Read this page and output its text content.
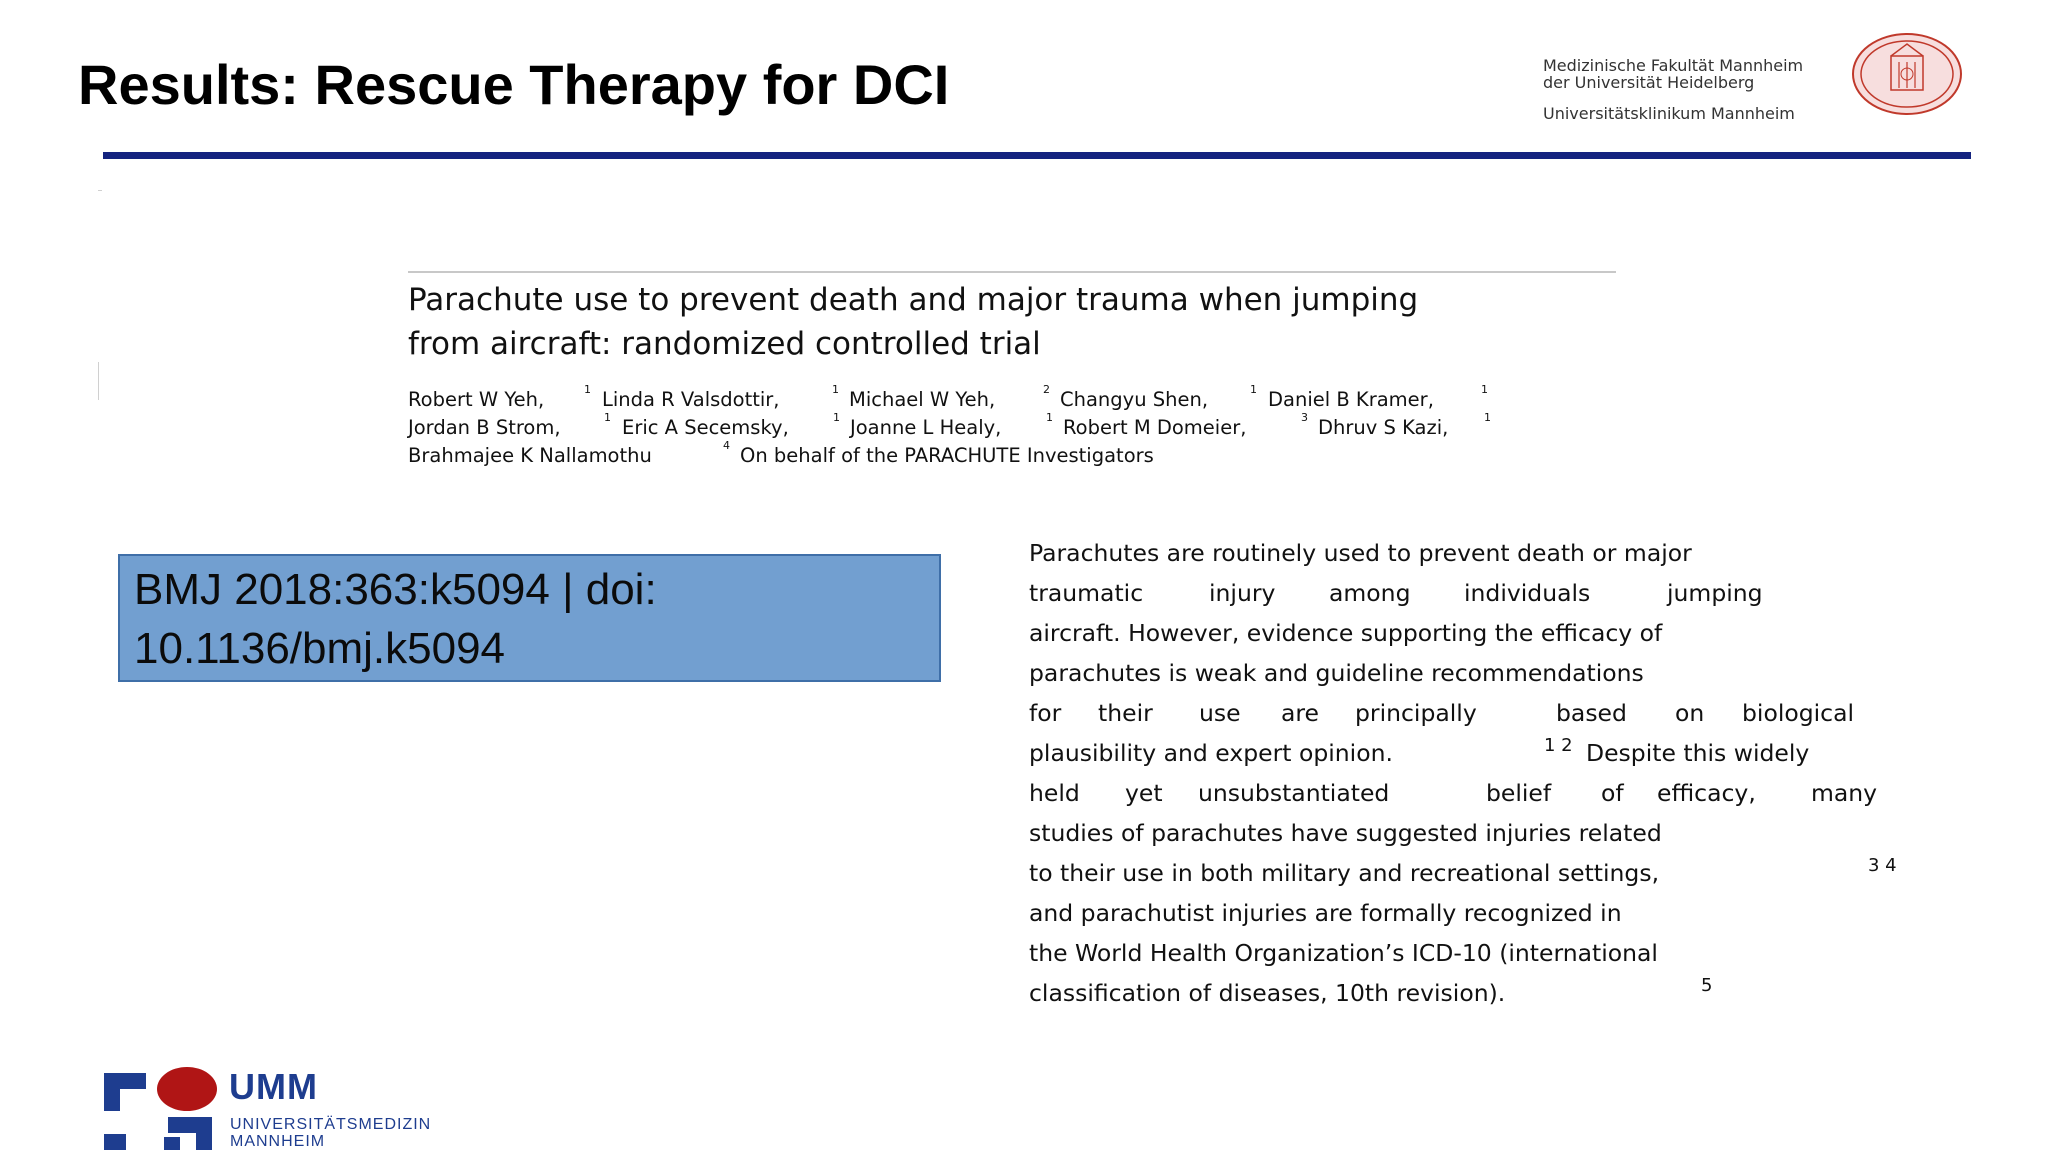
Results: Rescue Therapy for DCI	Medizinische Fakultät Mannheim
der Universität Heidelberg
Universitätsklinikum Mannheim
Parachute use to prevent death and major trauma when jumping
from aircraft: randomized controlled trial
Robert W Yeh,	1 Linda R Valsdottir,	1 Michael W Yeh,	2 Changyu Shen,	1 Daniel B Kramer,	1
Jordan B Strom,	1 Eric A Secemsky,	1 Joanne L Healy,	1 Robert M Domeier,	3 Dhruv S Kazi,	1
Brahmajee K Nallamothu	4 On behalf of the PARACHUTE Investigators
BMJ 2018:363:k5094 | doi:
10.1136/bmj.k5094
Parachutes are routinely used to prevent death or major
traumatic	injury among individuals	jumping
aircraft. However, evidence supporting the efficacy of
parachutes is weak and guideline recommendations
for their use are principally	based on biological
plausibility and expert opinion.	1 2 Despite this widely
held yet unsubstantiated	belief of efficacy, many
studies of parachutes have suggested injuries related
to their use in both military and recreational settings,	3 4
and parachutist injuries are formally recognized in
the World Health Organization’s ICD-10 (international
classification of diseases, 10th revision).	5
UMM
UNIVERSITÄTSMEDIZIN
MANNHEIM
